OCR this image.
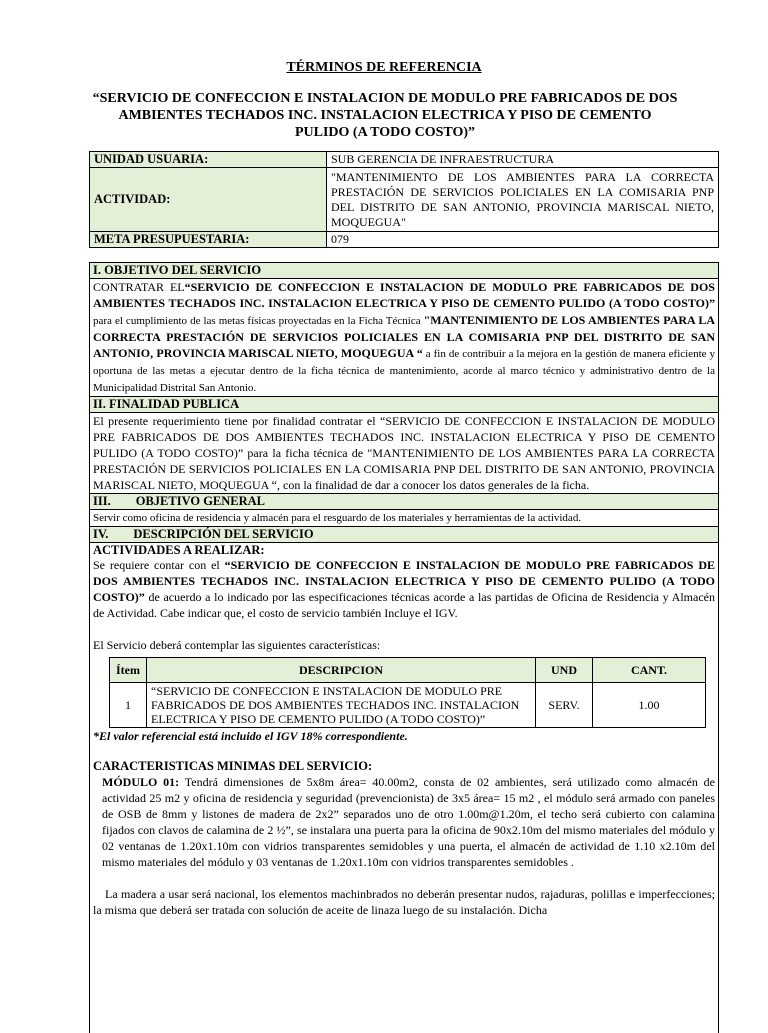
TÉRMINOS DE REFERENCIA
“SERVICIO DE CONFECCION E INSTALACION DE MODULO PRE FABRICADOS DE DOS AMBIENTES TECHADOS INC. INSTALACION ELECTRICA Y PISO DE CEMENTO PULIDO (A TODO COSTO)”
UNIDAD USUARIA:	SUB GERENCIA DE INFRAESTRUCTURA
ACTIVIDAD:	"MANTENIMIENTO DE LOS AMBIENTES PARA LA CORRECTA PRESTACIÓN DE SERVICIOS POLICIALES EN LA COMISARIA PNP DEL DISTRITO DE SAN ANTONIO, PROVINCIA MARISCAL NIETO, MOQUEGUA"
META PRESUPUESTARIA:	079
I. OBJETIVO DEL SERVICIO
CONTRATAR EL“SERVICIO DE CONFECCION E INSTALACION DE MODULO PRE FABRICADOS DE DOS AMBIENTES TECHADOS INC. INSTALACION ELECTRICA Y PISO DE CEMENTO PULIDO (A TODO COSTO)” para el cumplimiento de las metas físicas proyectadas en la Ficha Técnica "MANTENIMIENTO DE LOS AMBIENTES PARA LA CORRECTA PRESTACIÓN DE SERVICIOS POLICIALES EN LA COMISARIA PNP DEL DISTRITO DE SAN ANTONIO, PROVINCIA MARISCAL NIETO, MOQUEGUA “ a fin de contribuir a la mejora en la gestión de manera eficiente y oportuna de las metas a ejecutar dentro de la ficha técnica de mantenimiento, acorde al marco técnico y administrativo dentro de la Municipalidad Distrital San Antonio.
II. FINALIDAD PUBLICA
El presente requerimiento tiene por finalidad contratar el “SERVICIO DE CONFECCION E INSTALACION DE MODULO PRE FABRICADOS DE DOS AMBIENTES TECHADOS INC. INSTALACION ELECTRICA Y PISO DE CEMENTO PULIDO (A TODO COSTO)” para la ficha técnica de "MANTENIMIENTO DE LOS AMBIENTES PARA LA CORRECTA PRESTACIÓN DE SERVICIOS POLICIALES EN LA COMISARIA PNP DEL DISTRITO DE SAN ANTONIO, PROVINCIA MARISCAL NIETO, MOQUEGUA “, con la finalidad de dar a conocer los datos generales de la ficha.
III.        OBJETIVO GENERAL
Servir como oficina de residencia y almacén para el resguardo de los materiales y herramientas de la actividad.
IV.        DESCRIPCIÓN DEL SERVICIO
ACTIVIDADES A REALIZAR:
Se requiere contar con el “SERVICIO DE CONFECCION E INSTALACION DE MODULO PRE FABRICADOS DE DOS AMBIENTES TECHADOS INC. INSTALACION ELECTRICA Y PISO DE CEMENTO PULIDO (A TODO COSTO)” de acuerdo a lo indicado por las especificaciones técnicas acorde a las partidas de Oficina de Residencia y Almacén de Actividad. Cabe indicar que, el costo de servicio también Incluye el IGV.
El Servicio deberá contemplar las siguientes características:
Ítem	DESCRIPCION	UND	CANT.
1	“SERVICIO DE CONFECCION E INSTALACION DE MODULO PRE FABRICADOS DE DOS AMBIENTES TECHADOS INC. INSTALACION ELECTRICA Y PISO DE CEMENTO PULIDO (A TODO COSTO)”	SERV.	1.00
*El valor referencial está incluido el IGV 18% correspondiente.
CARACTERISTICAS MINIMAS DEL SERVICIO:
MÓDULO 01: Tendrá dimensiones de 5x8m área= 40.00m2, consta de 02 ambientes, será utilizado como almacén de actividad 25 m2 y oficina de residencia y seguridad (prevencionista) de 3x5 área= 15 m2 , el módulo será armado con paneles de OSB de 8mm y listones de madera de 2x2” separados uno de otro 1.00m@1.20m, el techo será cubierto con calamina fijados con clavos de calamina de 2 ½”, se instalara una puerta para la oficina de 90x2.10m del mismo materiales del módulo y 02 ventanas de 1.20x1.10m con vidrios transparentes semidobles y una puerta, el almacén de actividad de 1.10 x2.10m del mismo materiales del módulo y 03 ventanas de 1.20x1.10m con vidrios transparentes semidobles .
La madera a usar será nacional, los elementos machinbrados no deberán presentar nudos, rajaduras, polillas e imperfecciones; la misma que deberá ser tratada con solución de aceite de linaza luego de su instalación. Dicha
